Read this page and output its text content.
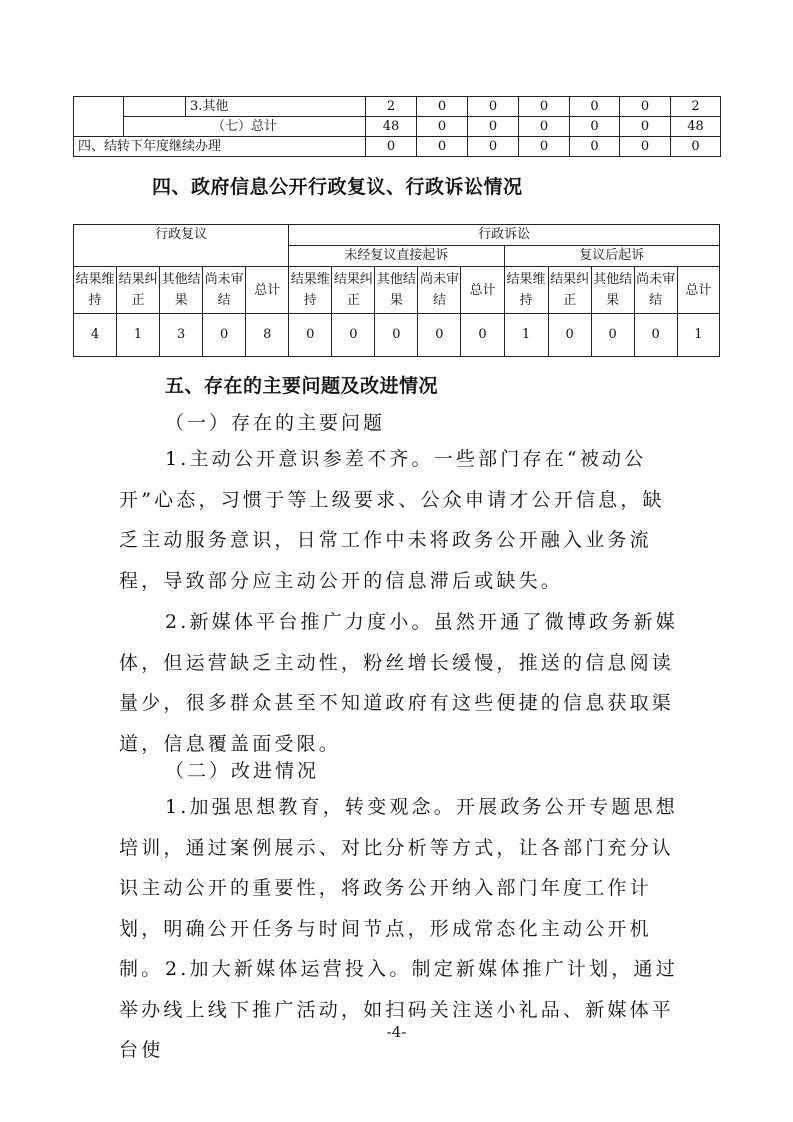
		3.其他	2	0	0	0	0	0	2
	（七）总计		48	0	0	0	0	0	48
四、结转下年度继续办理			0	0	0	0	0	0	0
四、政府信息公开行政复议、行政诉讼情况
行政复议					行政诉讼									
					未经复议直接起诉					复议后起诉				
结果维持	结果纠正	其他结果	尚未审结	总计	结果维持	结果纠正	其他结果	尚未审结	总计	结果维持	结果纠正	其他结果	尚未审结	总计
4	1	3	0	8	0	0	0	0	0	1	0	0	0	1
五、存在的主要问题及改进情况
（一）存在的主要问题

1.主动公开意识参差不齐。一些部门存在“被动公开”心态，习惯于等上级要求、公众申请才公开信息，缺乏主动服务意识，日常工作中未将政务公开融入业务流程，导致部分应主动公开的信息滞后或缺失。

2.新媒体平台推广力度小。虽然开通了微博政务新媒体，但运营缺乏主动性，粉丝增长缓慢，推送的信息阅读量少，很多群众甚至不知道政府有这些便捷的信息获取渠道，信息覆盖面受限。

（二）改进情况

1.加强思想教育，转变观念。开展政务公开专题思想培训，通过案例展示、对比分析等方式，让各部门充分认识主动公开的重要性，将政务公开纳入部门年度工作计划，明确公开任务与时间节点，形成常态化主动公开机制。 2.加大新媒体运营投入。制定新媒体推广计划，通过举办线上线下推广活动，如扫码关注送小礼品、新媒体平台使

-4-
